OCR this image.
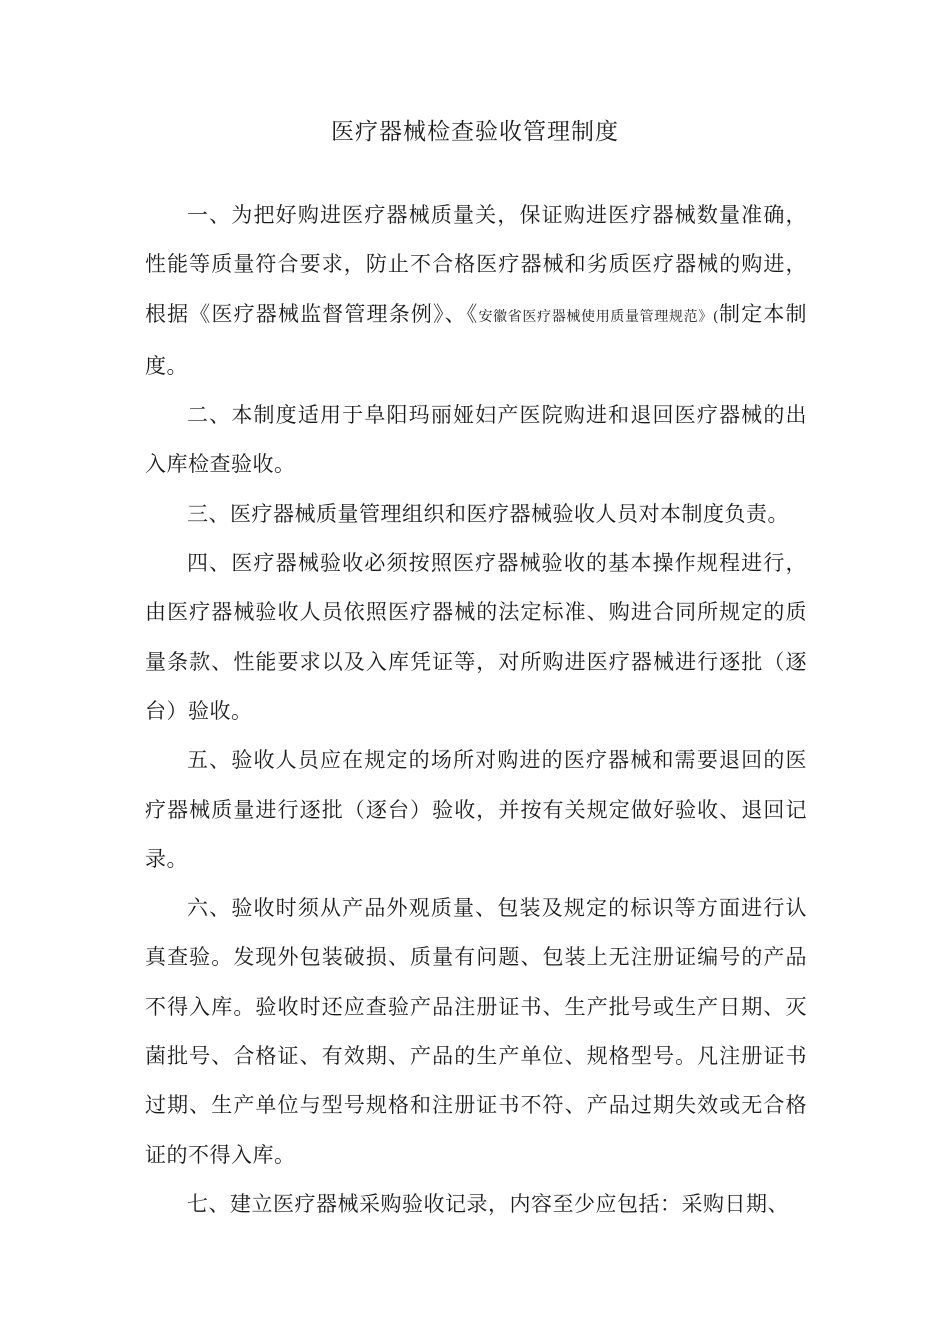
医疗器械检查验收管理制度

一、为把好购进医疗器械质量关，保证购进医疗器械数量准确，性能等质量符合要求，防止不合格医疗器械和劣质医疗器械的购进，根据《医疗器械监督管理条例》、《安徽省医疗器械使用质量管理规范》(制定本制度。

二、本制度适用于阜阳玛丽娅妇产医院购进和退回医疗器械的出入库检查验收。

三、医疗器械质量管理组织和医疗器械验收人员对本制度负责。

四、医疗器械验收必须按照医疗器械验收的基本操作规程进行，由医疗器械验收人员依照医疗器械的法定标准、购进合同所规定的质量条款、性能要求以及入库凭证等，对所购进医疗器械进行逐批（逐台）验收。

五、验收人员应在规定的场所对购进的医疗器械和需要退回的医疗器械质量进行逐批（逐台）验收，并按有关规定做好验收、退回记录。

六、验收时须从产品外观质量、包装及规定的标识等方面进行认真查验。发现外包装破损、质量有问题、包装上无注册证编号的产品不得入库。验收时还应查验产品注册证书、生产批号或生产日期、灭菌批号、合格证、有效期、产品的生产单位、规格型号。凡注册证书过期、生产单位与型号规格和注册证书不符、产品过期失效或无合格证的不得入库。

七、建立医疗器械采购验收记录，内容至少应包括：采购日期、
